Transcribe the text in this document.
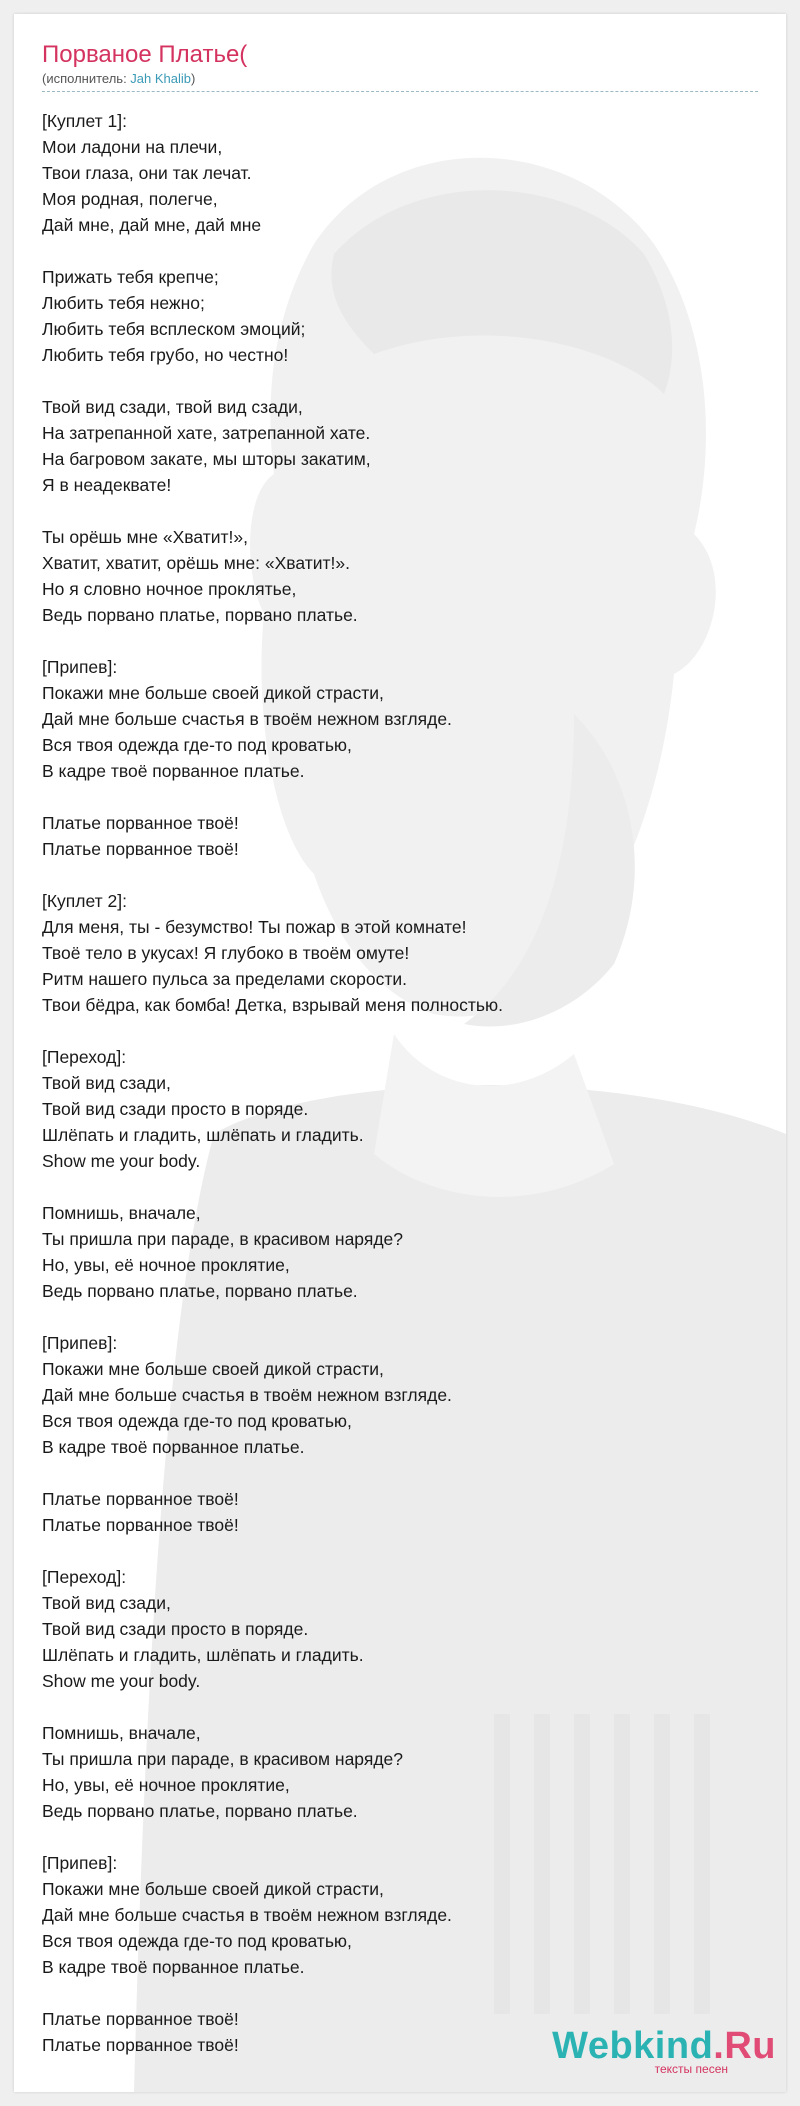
Порваное Платье(
(исполнитель: Jah Khalib)
[Куплет 1]:
Мои ладони на плечи,
Твои глаза, они так лечат.
Моя родная, полегче,
Дай мне, дай мне, дай мне
Прижать тебя крепче;
Любить тебя нежно;
Любить тебя всплеском эмоций;
Любить тебя грубо, но честно!
Твой вид сзади, твой вид сзади,
На затрепанной хате, затрепанной хате.
На багровом закате, мы шторы закатим,
Я в неадеквате!
Ты орёшь мне «Хватит!»,
Хватит, хватит, орёшь мне: «Хватит!».
Но я словно ночное проклятье,
Ведь порвано платье, порвано платье.
[Припев]:
Покажи мне больше своей дикой страсти,
Дай мне больше счастья в твоём нежном взгляде.
Вся твоя одежда где-то под кроватью,
В кадре твоё порванное платье.
Платье порванное твоё!
Платье порванное твоё!
[Куплет 2]:
Для меня, ты - безумство! Ты пожар в этой комнате!
Твоё тело в укусах! Я глубоко в твоём омуте!
Ритм нашего пульса за пределами скорости.
Твои бёдра, как бомба! Детка, взрывай меня полностью.
[Переход]:
Твой вид сзади,
Твой вид сзади просто в поряде.
Шлёпать и гладить, шлёпать и гладить.
Show me your body.
Помнишь, вначале,
Ты пришла при параде, в красивом наряде?
Но, увы, её ночное проклятие,
Ведь порвано платье, порвано платье.
[Припев]:
Покажи мне больше своей дикой страсти,
Дай мне больше счастья в твоём нежном взгляде.
Вся твоя одежда где-то под кроватью,
В кадре твоё порванное платье.
Платье порванное твоё!
Платье порванное твоё!
[Переход]:
Твой вид сзади,
Твой вид сзади просто в поряде.
Шлёпать и гладить, шлёпать и гладить.
Show me your body.
Помнишь, вначале,
Ты пришла при параде, в красивом наряде?
Но, увы, её ночное проклятие,
Ведь порвано платье, порвано платье.
[Припев]:
Покажи мне больше своей дикой страсти,
Дай мне больше счастья в твоём нежном взгляде.
Вся твоя одежда где-то под кроватью,
В кадре твоё порванное платье.
Платье порванное твоё!
Платье порванное твоё!	Webkind.Ru
тексты песен
